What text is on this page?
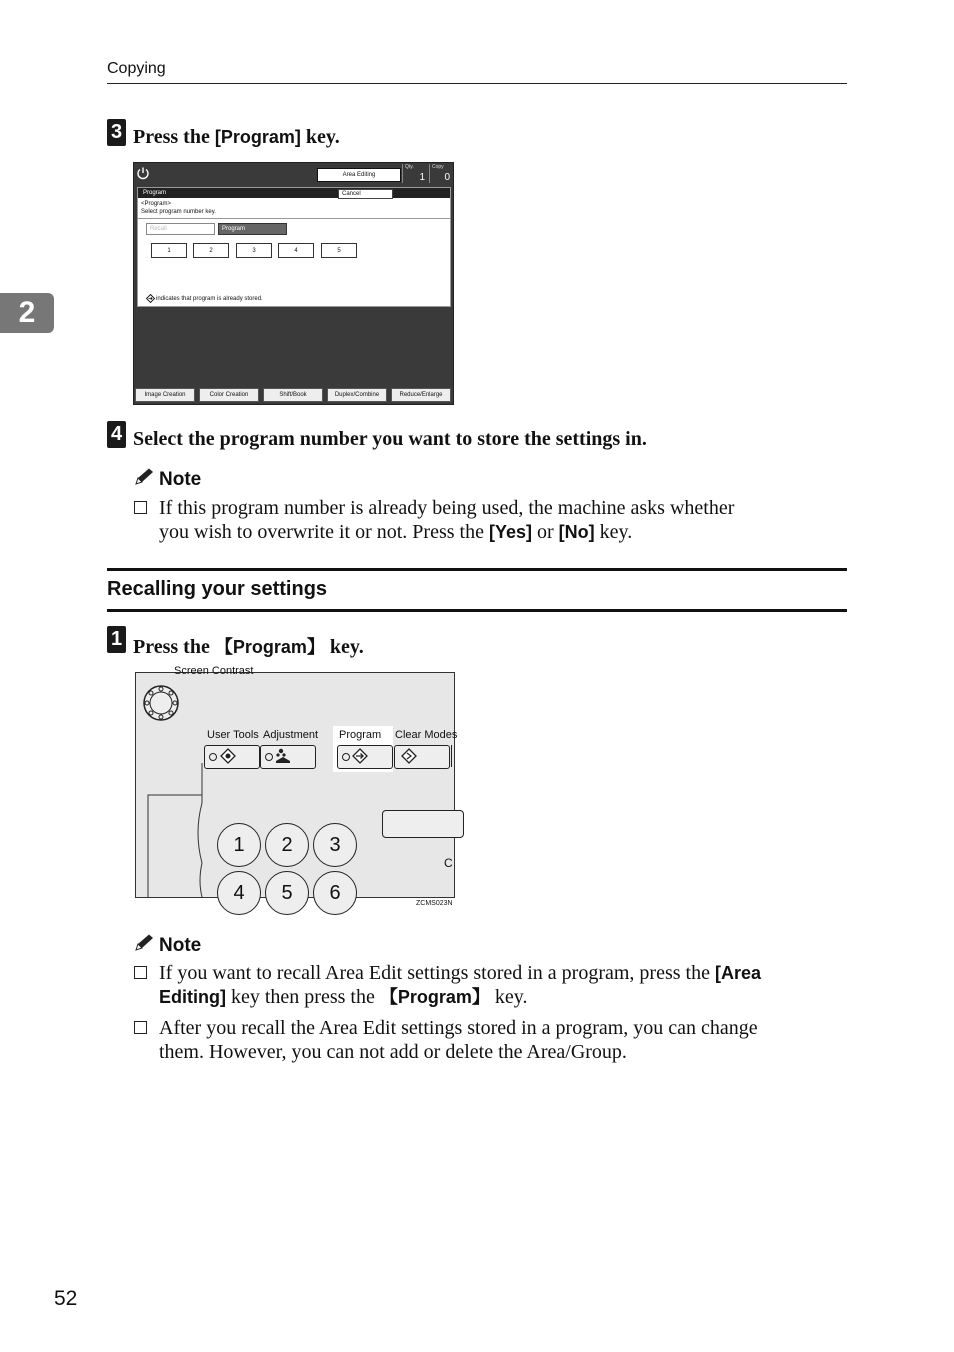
Copying
2
3 Press the [Program] key.
Area Editing
Qty.
1
Copy
0
Program	Cancel
<Program>
Select program number key.
Recall	Program
1	2	3	4	5
indicates that program is already stored.
Image Creation	Color Creation	Shift/Book	Duplex/Combine	Reduce/Enlarge
4 Select the program number you want to store the settings in.
Note
If this program number is already being used, the machine asks whether
you wish to overwrite it or not. Press the [Yes] or [No] key.
Recalling your settings
1 Press the 【Program】 key.
Screen Contrast
User Tools Adjustment Program Clear Modes
C
1	2	3
4	5	6	ZCMS023N
Note
If you want to recall Area Edit settings stored in a program, press the [Area
Editing] key then press the 【Program】 key.
After you recall the Area Edit settings stored in a program, you can change
them. However, you can not add or delete the Area/Group.
52
